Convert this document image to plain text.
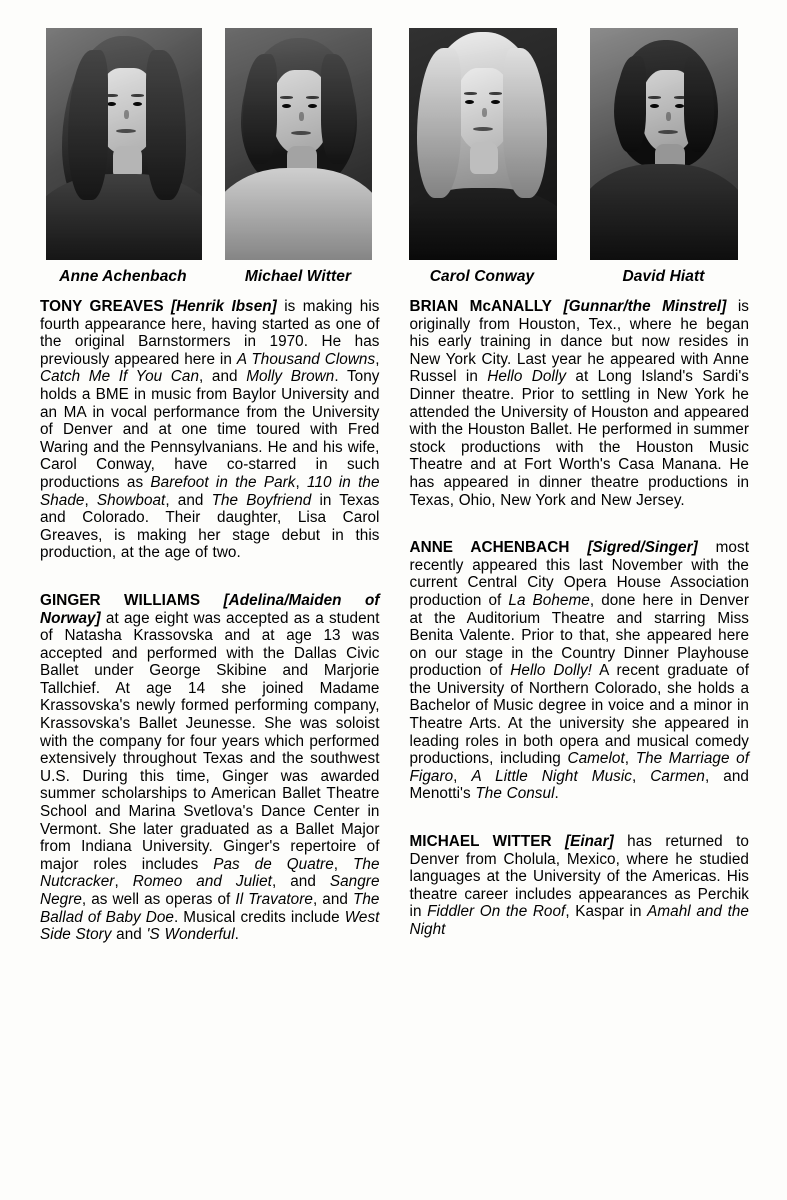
Anne Achenbach	Michael Witter	Carol Conway	David Hiatt

TONY GREAVES [Henrik Ibsen] is making his fourth appearance here, having started as one of the original Barnstormers in 1970. He has previously appeared here in A Thousand Clowns, Catch Me If You Can, and Molly Brown. Tony holds a BME in music from Baylor University and an MA in vocal performance from the University of Denver and at one time toured with Fred Waring and the Pennsylvanians. He and his wife, Carol Conway, have co-starred in such productions as Barefoot in the Park, 110 in the Shade, Showboat, and The Boyfriend in Texas and Colorado. Their daughter, Lisa Carol Greaves, is making her stage debut in this production, at the age of two.

GINGER WILLIAMS [Adelina/Maiden of Norway] at age eight was accepted as a student of Natasha Krassovska and at age 13 was accepted and performed with the Dallas Civic Ballet under George Skibine and Marjorie Tallchief. At age 14 she joined Madame Krassovska's newly formed performing company, Krassovska's Ballet Jeunesse. She was soloist with the company for four years which performed extensively throughout Texas and the southwest U.S. During this time, Ginger was awarded summer scholarships to American Ballet Theatre School and Marina Svetlova's Dance Center in Vermont. She later graduated as a Ballet Major from Indiana University. Ginger's repertoire of major roles includes Pas de Quatre, The Nutcracker, Romeo and Juliet, and Sangre Negre, as well as operas of Il Travatore, and The Ballad of Baby Doe. Musical credits include West Side Story and 'S Wonderful.

BRIAN McANALLY [Gunnar/the Minstrel] is originally from Houston, Tex., where he began his early training in dance but now resides in New York City. Last year he appeared with Anne Russel in Hello Dolly at Long Island's Sardi's Dinner theatre. Prior to settling in New York he attended the University of Houston and appeared with the Houston Ballet. He performed in summer stock productions with the Houston Music Theatre and at Fort Worth's Casa Manana. He has appeared in dinner theatre productions in Texas, Ohio, New York and New Jersey.

ANNE ACHENBACH [Sigred/Singer] most recently appeared this last November with the current Central City Opera House Association production of La Boheme, done here in Denver at the Auditorium Theatre and starring Miss Benita Valente. Prior to that, she appeared here on our stage in the Country Dinner Playhouse production of Hello Dolly! A recent graduate of the University of Northern Colorado, she holds a Bachelor of Music degree in voice and a minor in Theatre Arts. At the university she appeared in leading roles in both opera and musical comedy productions, including Camelot, The Marriage of Figaro, A Little Night Music, Carmen, and Menotti's The Consul.

MICHAEL WITTER [Einar] has returned to Denver from Cholula, Mexico, where he studied languages at the University of the Americas. His theatre career includes appearances as Perchik in Fiddler On the Roof, Kaspar in Amahl and the Night
